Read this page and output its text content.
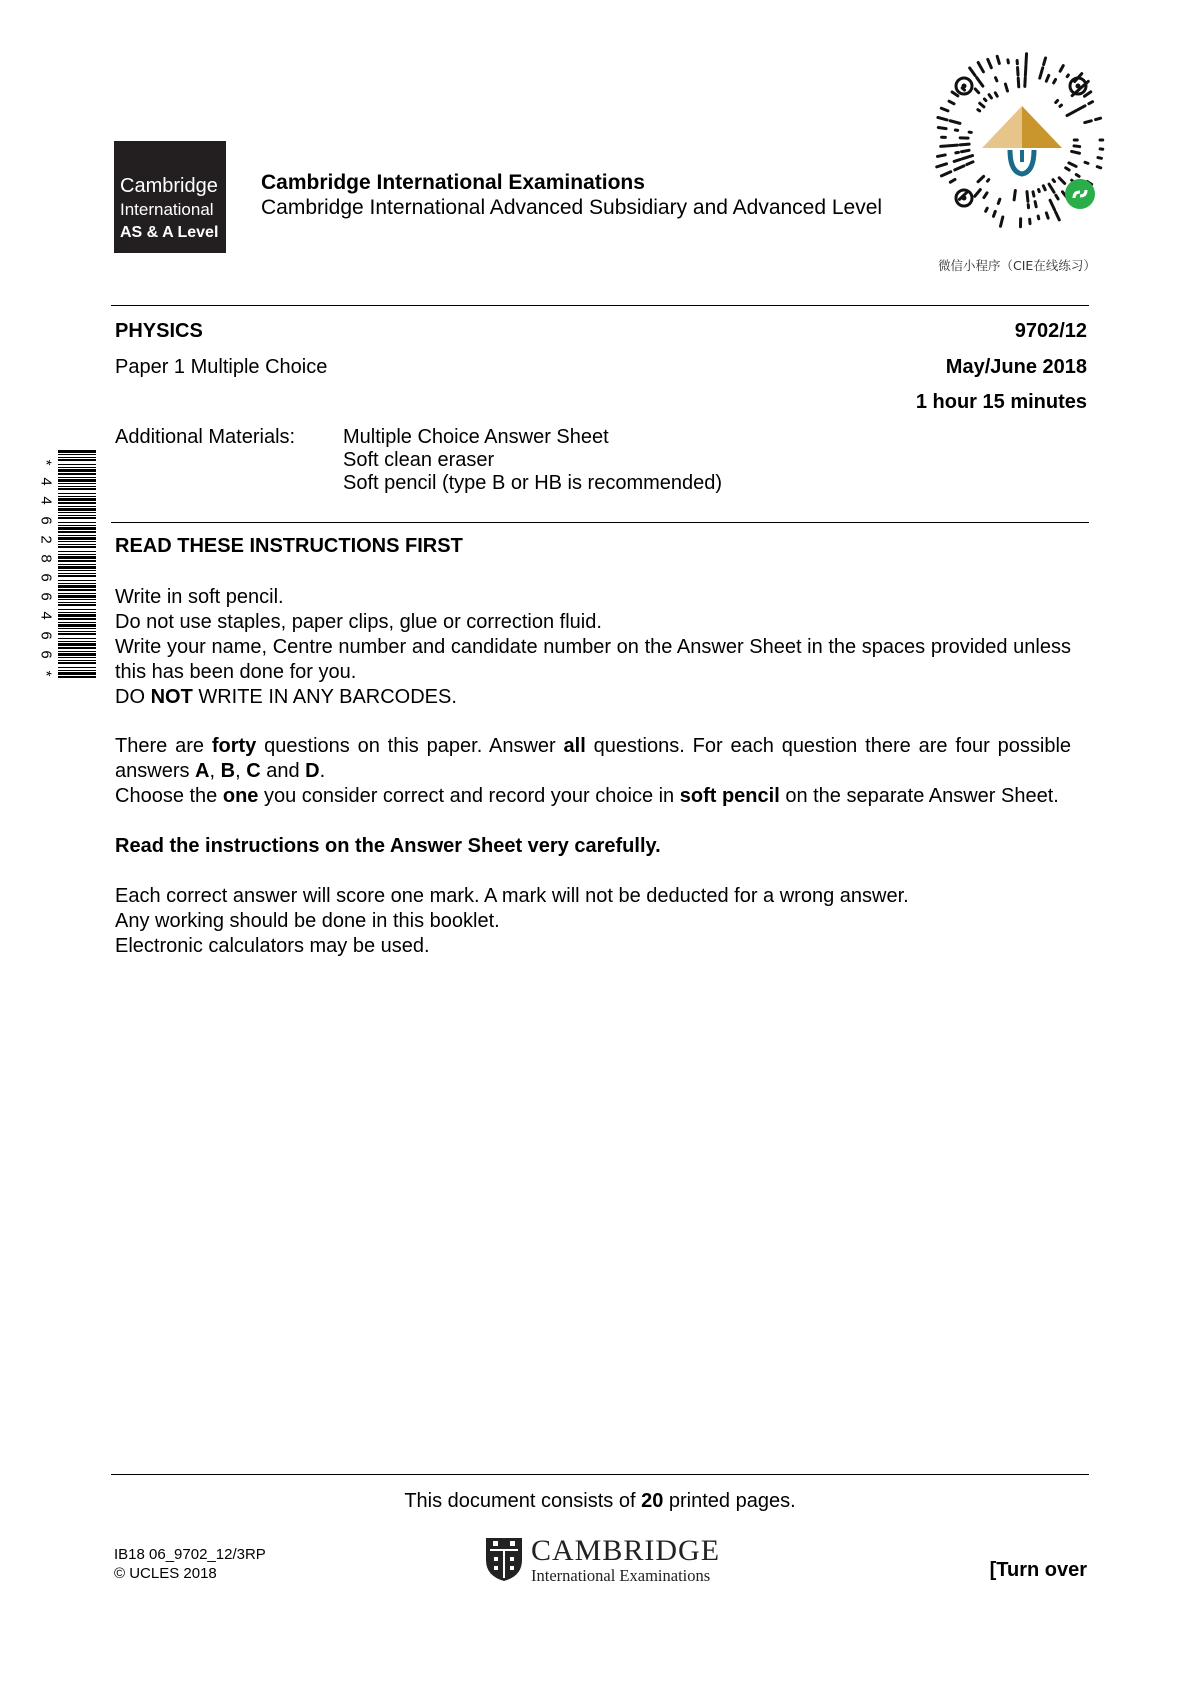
Cambridge
International
AS & A Level
Cambridge International Examinations
Cambridge International Advanced Subsidiary and Advanced Level
微信小程序（CIE在线练习）
PHYSICS
Paper 1 Multiple Choice
9702/12
May/June 2018
1 hour 15 minutes
Additional Materials: Multiple Choice Answer Sheet
Soft clean eraser
Soft pencil (type B or HB is recommended)
*
4
4
6
2
8
6
6
4
6
6
*
READ THESE INSTRUCTIONS FIRST
Write in soft pencil.
Do not use staples, paper clips, glue or correction fluid.
Write your name, Centre number and candidate number on the Answer Sheet in the spaces provided unless this has been done for you.
DO NOT WRITE IN ANY BARCODES.
There are forty questions on this paper. Answer all questions. For each question there are four possible answers A, B, C and D.
Choose the one you consider correct and record your choice in soft pencil on the separate Answer Sheet.
Read the instructions on the Answer Sheet very carefully.
Each correct answer will score one mark. A mark will not be deducted for a wrong answer.
Any working should be done in this booklet.
Electronic calculators may be used.
This document consists of 20 printed pages.
IB18 06_9702_12/3RP
© UCLES 2018
CAMBRIDGE
International Examinations	[Turn over
